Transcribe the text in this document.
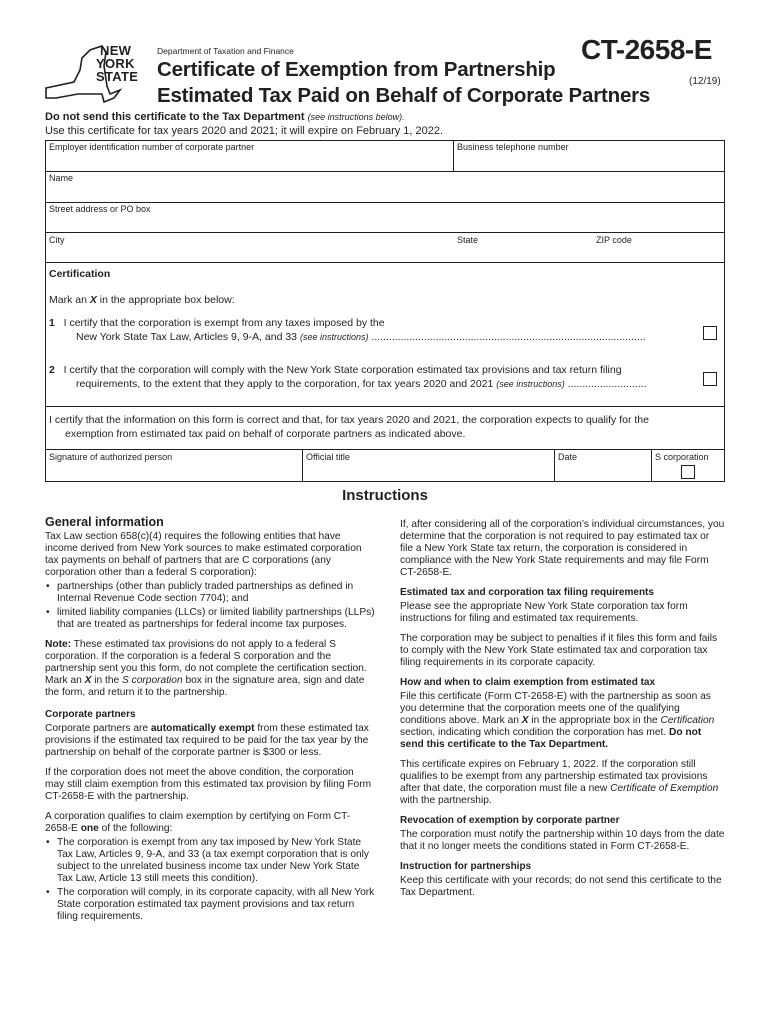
NEW
YORK
STATE
Department of Taxation and Finance
Certificate of Exemption from Partnership
Estimated Tax Paid on Behalf of Corporate Partners
CT-2658-E
(12/19)
Do not send this certificate to the Tax Department (see instructions below).
Use this certificate for tax years 2020 and 2021; it will expire on February 1, 2022.
Employer identification number of corporate partner	Business telephone number
Name
Street address or PO box
City	State	ZIP code
Certification
Mark an X in the appropriate box below:
1 I certify that the corporation is exempt from any taxes imposed by the
New York State Tax Law, Articles 9, 9-A, and 33 (see instructions) ..............................................................................................
2 I certify that the corporation will comply with the New York State corporation estimated tax provisions and tax return filing
requirements, to the extent that they apply to the corporation, for tax years 2020 and 2021 (see instructions) ...........................
I certify that the information on this form is correct and that, for tax years 2020 and 2021, the corporation expects to qualify for the
exemption from estimated tax paid on behalf of corporate partners as indicated above.
Signature of authorized person	Official title	Date	S corporation
Instructions
General information

Tax Law section 658(c)(4) requires the following entities that have income derived from New York sources to make estimated corporation tax payments on behalf of partners that are C corporations (any corporation other than a federal S corporation):

• partnerships (other than publicly traded partnerships as defined in Internal Revenue Code section 7704); and
• limited liability companies (LLCs) or limited liability partnerships (LLPs) that are treated as partnerships for federal income tax purposes.

Note: These estimated tax provisions do not apply to a federal S corporation. If the corporation is a federal S corporation and the partnership sent you this form, do not complete the certification section. Mark an X in the S corporation box in the signature area, sign and date the form, and return it to the partnership.

Corporate partners

Corporate partners are automatically exempt from these estimated tax provisions if the estimated tax required to be paid for the tax year by the partnership on behalf of the corporate partner is $300 or less.

If the corporation does not meet the above condition, the corporation may still claim exemption from this estimated tax provision by filing Form CT-2658-E with the partnership.

A corporation qualifies to claim exemption by certifying on Form CT-2658-E one of the following:

• The corporation is exempt from any tax imposed by New York State Tax Law, Articles 9, 9-A, and 33 (a tax exempt corporation that is only subject to the unrelated business income tax under New York State Tax Law, Article 13 still meets this condition).
• The corporation will comply, in its corporate capacity, with all New York State corporation estimated tax payment provisions and tax return filing requirements.

If, after considering all of the corporation’s individual circumstances, you determine that the corporation is not required to pay estimated tax or file a New York State tax return, the corporation is considered in compliance with the New York State requirements and may file Form CT-2658-E.

Estimated tax and corporation tax filing requirements

Please see the appropriate New York State corporation tax form instructions for filing and estimated tax requirements.

The corporation may be subject to penalties if it files this form and fails to comply with the New York State estimated tax and corporation tax filing requirements in its corporate capacity.

How and when to claim exemption from estimated tax

File this certificate (Form CT-2658-E) with the partnership as soon as you determine that the corporation meets one of the qualifying conditions above. Mark an X in the appropriate box in the Certification section, indicating which condition the corporation has met. Do not send this certificate to the Tax Department.

This certificate expires on February 1, 2022. If the corporation still qualifies to be exempt from any partnership estimated tax provisions after that date, the corporation must file a new Certificate of Exemption with the partnership.

Revocation of exemption by corporate partner

The corporation must notify the partnership within 10 days from the date that it no longer meets the conditions stated in Form CT-2658-E.

Instruction for partnerships

Keep this certificate with your records; do not send this certificate to the Tax Department.
